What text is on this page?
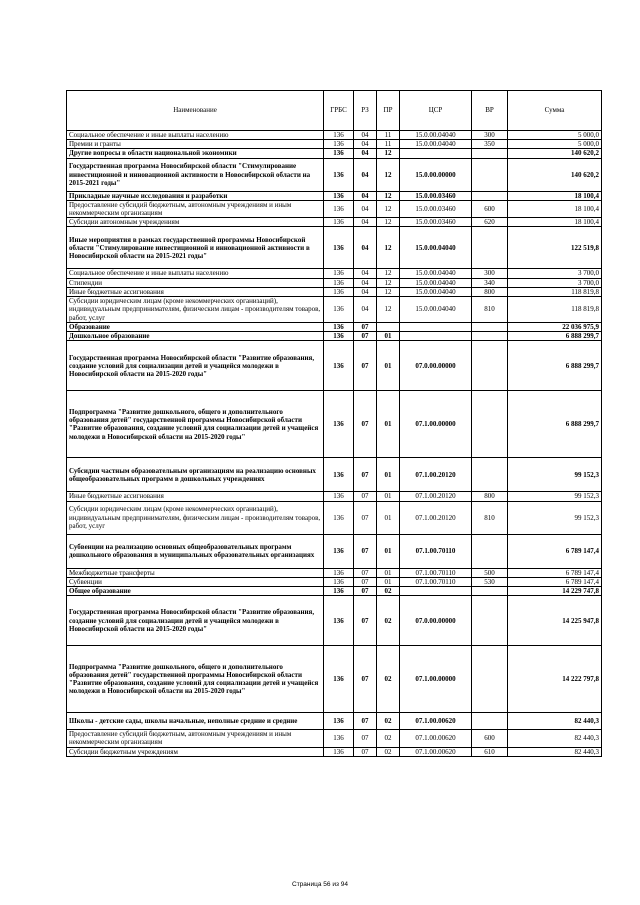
Наименование	ГРБС	РЗ	ПР	ЦСР	ВР	Сумма
Социальное обеспечение и иные выплаты населению	136	04	11	15.0.00.04040	300	5 000,0
Премии и гранты	136	04	11	15.0.00.04040	350	5 000,0
Другие вопросы в области национальной экономики	136	04	12			140 620,2
Государственная программа Новосибирской области "Стимулирование инвестиционной и инновационной активности в Новосибирской области на 2015-2021 годы"	136	04	12	15.0.00.00000		140 620,2
Прикладные научные исследования и разработки	136	04	12	15.0.00.03460		18 100,4
Предоставление субсидий бюджетным, автономным учреждениям и иным некоммерческим организациям	136	04	12	15.0.00.03460	600	18 100,4
Субсидии автономным учреждениям	136	04	12	15.0.00.03460	620	18 100,4
Иные мероприятия в рамках государственной программы Новосибирской области "Стимулирование инвестиционной и инновационной активности в Новосибирской области на 2015-2021 годы"	136	04	12	15.0.00.04040		122 519,8
Социальное обеспечение и иные выплаты населению	136	04	12	15.0.00.04040	300	3 700,0
Стипендии	136	04	12	15.0.00.04040	340	3 700,0
Иные бюджетные ассигнования	136	04	12	15.0.00.04040	800	118 819,8
Субсидии юридическим лицам (кроме некоммерческих организаций), индивидуальным предпринимателям, физическим лицам - производителям товаров, работ, услуг	136	04	12	15.0.00.04040	810	118 819,8
Образование	136	07				22 036 975,9
Дошкольное образование	136	07	01			6 888 299,7
Государственная программа Новосибирской области "Развитие образования, создание условий для социализации детей и учащейся молодежи в Новосибирской области на 2015-2020 годы"	136	07	01	07.0.00.00000		6 888 299,7
Подпрограмма "Развитие дошкольного, общего и дополнительного образования детей" государственной программы Новосибирской области "Развитие образования, создание условий для социализации детей и учащейся молодежи в Новосибирской области на 2015-2020 годы"	136	07	01	07.1.00.00000		6 888 299,7
Субсидии частным образовательным организациям на реализацию основных общеобразовательных программ в дошкольных учреждениях	136	07	01	07.1.00.20120		99 152,3
Иные бюджетные ассигнования	136	07	01	07.1.00.20120	800	99 152,3
Субсидии юридическим лицам (кроме некоммерческих организаций), индивидуальным предпринимателям, физическим лицам - производителям товаров, работ, услуг	136	07	01	07.1.00.20120	810	99 152,3
Субвенции на реализацию основных общеобразовательных программ дошкольного образования в муниципальных образовательных организациях	136	07	01	07.1.00.70110		6 789 147,4
Межбюджетные трансферты	136	07	01	07.1.00.70110	500	6 789 147,4
Субвенции	136	07	01	07.1.00.70110	530	6 789 147,4
Общее образование	136	07	02			14 229 747,8
Государственная программа Новосибирской области "Развитие образования, создание условий для социализации детей и учащейся молодежи в Новосибирской области на 2015-2020 годы"	136	07	02	07.0.00.00000		14 225 947,8
Подпрограмма "Развитие дошкольного, общего и дополнительного образования детей" государственной программы Новосибирской области "Развитие образования, создание условий для социализации детей и учащейся молодежи в Новосибирской области на 2015-2020 годы"	136	07	02	07.1.00.00000		14 222 797,8
Школы - детские сады, школы начальные, неполные средние и средние	136	07	02	07.1.00.00620		82 440,3
Предоставление субсидий бюджетным, автономным учреждениям и иным некоммерческим организациям	136	07	02	07.1.00.00620	600	82 440,3
Субсидии бюджетным учреждениям	136	07	02	07.1.00.00620	610	82 440,3
Страница 56 из 94
